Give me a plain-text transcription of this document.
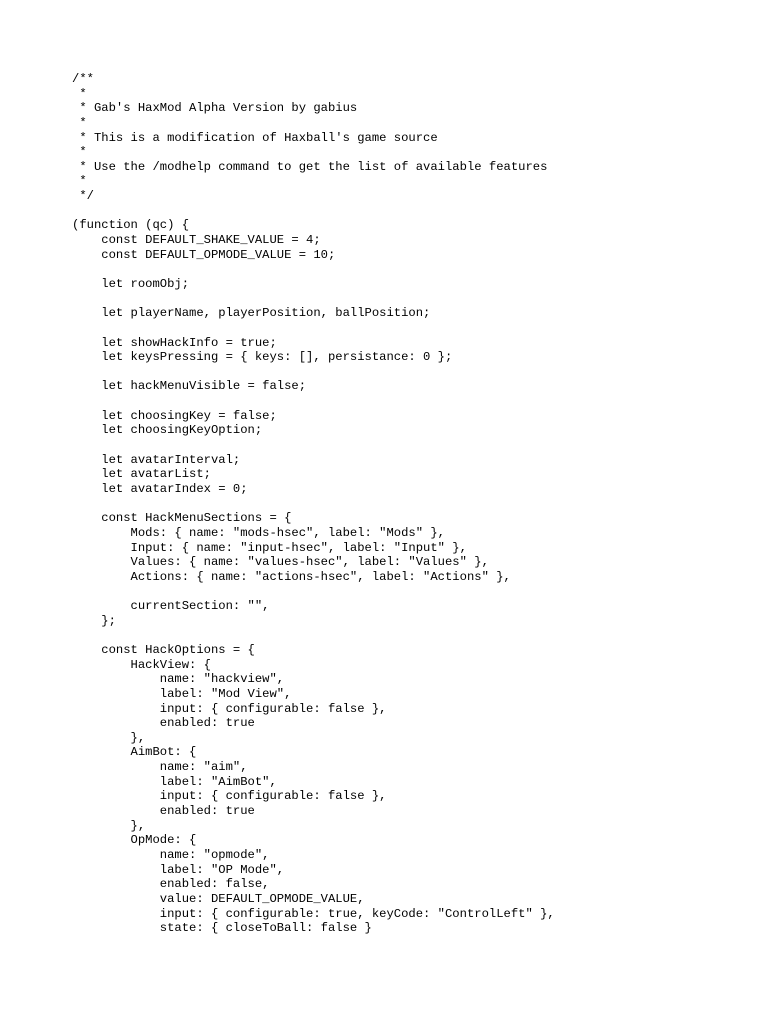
/**
*
* Gab's HaxMod Alpha Version by gabius
*
* This is a modification of Haxball's game source
*
* Use the /modhelp command to get the list of available features
*
*/
(function (qc) {
const DEFAULT_SHAKE_VALUE = 4;
const DEFAULT_OPMODE_VALUE = 10;
let roomObj;
let playerName, playerPosition, ballPosition;
let showHackInfo = true;
let keysPressing = { keys: [], persistance: 0 };
let hackMenuVisible = false;
let choosingKey = false;
let choosingKeyOption;
let avatarInterval;
let avatarList;
let avatarIndex = 0;
const HackMenuSections = {
Mods: { name: "mods-hsec", label: "Mods" },
Input: { name: "input-hsec", label: "Input" },
Values: { name: "values-hsec", label: "Values" },
Actions: { name: "actions-hsec", label: "Actions" },
currentSection: "",
};
const HackOptions = {
HackView: {
name: "hackview",
label: "Mod View",
input: { configurable: false },
enabled: true
},
AimBot: {
name: "aim",
label: "AimBot",
input: { configurable: false },
enabled: true
},
OpMode: {
name: "opmode",
label: "OP Mode",
enabled: false,
value: DEFAULT_OPMODE_VALUE,
input: { configurable: true, keyCode: "ControlLeft" },
state: { closeToBall: false }
